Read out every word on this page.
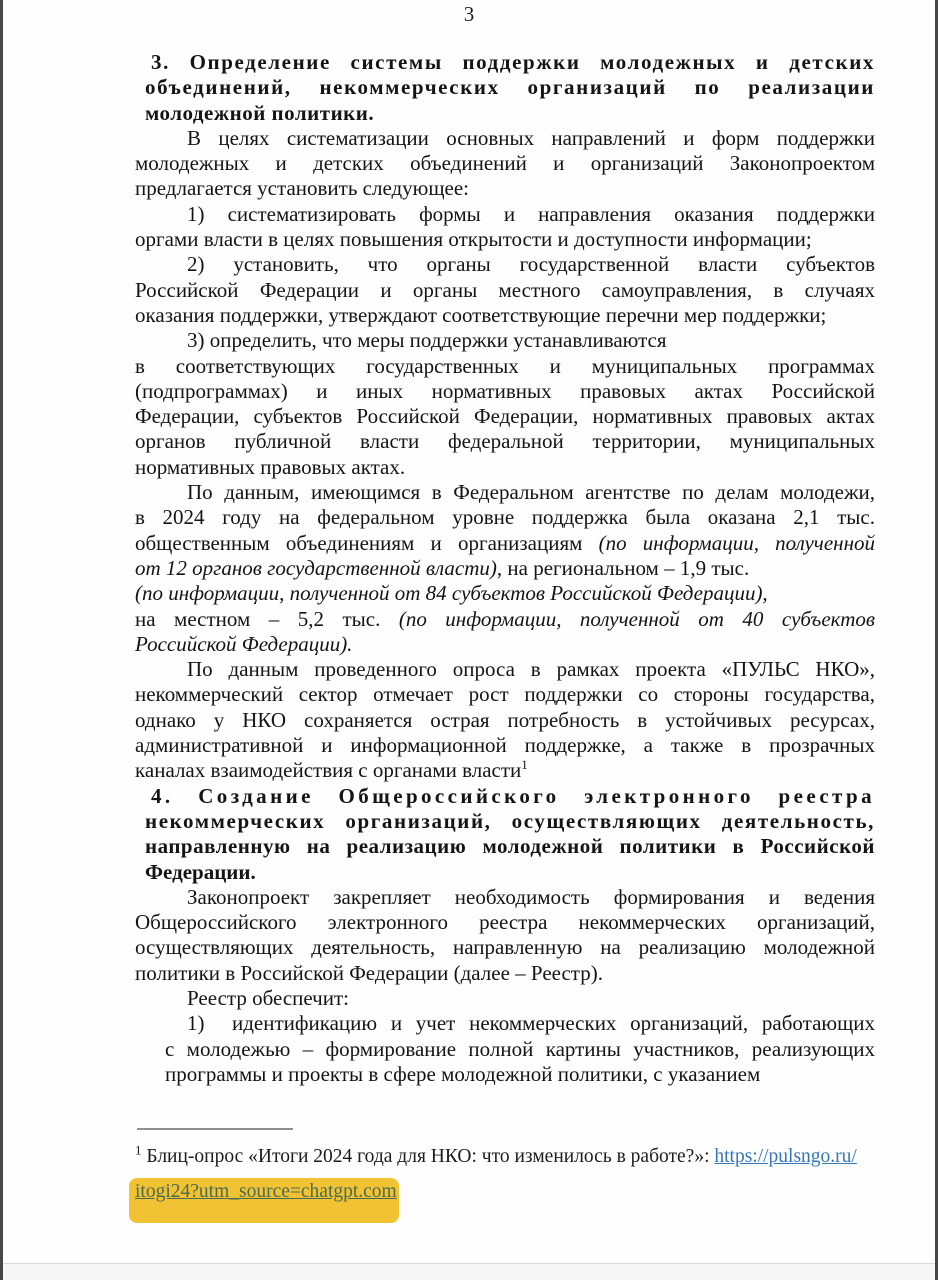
3
3. Определение системы поддержки молодежных и детских
объединений, некоммерческих организаций по реализации
молодежной политики.
В целях систематизации основных направлений и форм поддержки
молодежных и детских объединений и организаций Законопроектом
предлагается установить следующее:
1) систематизировать формы и направления оказания поддержки
оргами власти в целях повышения открытости и доступности информации;
2) установить, что органы государственной власти субъектов
Российской Федерации и органы местного самоуправления, в случаях
оказания поддержки, утверждают соответствующие перечни мер поддержки;
3) определить, что меры поддержки устанавливаются
в соответствующих государственных и муниципальных программах
(подпрограммах) и иных нормативных правовых актах Российской
Федерации, субъектов Российской Федерации, нормативных правовых актах
органов публичной власти федеральной территории, муниципальных
нормативных правовых актах.
По данным, имеющимся в Федеральном агентстве по делам молодежи,
в 2024 году на федеральном уровне поддержка была оказана 2,1 тыс.
общественным объединениям и организациям (по информации, полученной
от 12 органов государственной власти), на региональном – 1,9 тыс.
(по информации, полученной от 84 субъектов Российской Федерации),
на местном – 5,2 тыс. (по информации, полученной от 40 субъектов
Российской Федерации).
По данным проведенного опроса в рамках проекта «ПУЛЬС НКО»,
некоммерческий сектор отмечает рост поддержки со стороны государства,
однако у НКО сохраняется острая потребность в устойчивых ресурсах,
административной и информационной поддержке, а также в прозрачных
каналах взаимодействия с органами власти$^1$
4. Создание Общероссийского электронного реестра
некоммерческих организаций, осуществляющих деятельность,
направленную на реализацию молодежной политики в Российской
Федерации.
Законопроект закрепляет необходимость формирования и ведения
Общероссийского электронного реестра некоммерческих организаций,
осуществляющих деятельность, направленную на реализацию молодежной
политики в Российской Федерации (далее – Реестр).
Реестр обеспечит:
1)  идентификацию и учет некоммерческих организаций, работающих
с молодежью – формирование полной картины участников, реализующих
программы и проекты в сфере молодежной политики, с указанием
$^1$ Блиц-опрос «Итоги 2024 года для НКО: что изменилось в работе?»: https://pulsngo.ru/
itogi24?utm_source=chatgpt.com
